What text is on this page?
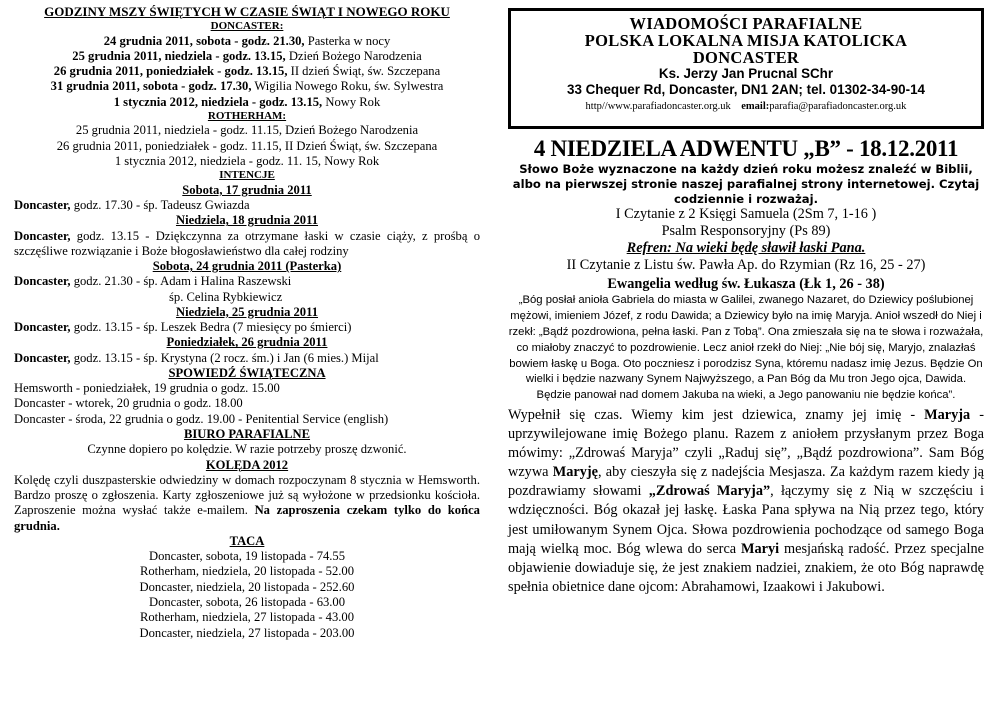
GODZINY MSZY ŚWIĘTYCH W CZASIE ŚWIĄT I NOWEGO ROKU
DONCASTER:
24 grudnia 2011, sobota - godz. 21.30, Pasterka w nocy
25 grudnia 2011, niedziela - godz. 13.15, Dzień Bożego Narodzenia
26 grudnia 2011, poniedziałek - godz. 13.15, II dzień Świąt, św. Szczepana
31 grudnia 2011, sobota - godz. 17.30, Wigilia Nowego Roku, św. Sylwestra
1 stycznia 2012, niedziela - godz. 13.15, Nowy Rok
ROTHERHAM:
25 grudnia 2011, niedziela - godz. 11.15, Dzień Bożego Narodzenia
26 grudnia 2011, poniedziałek - godz. 11.15, II Dzień Świąt, św. Szczepana
1 stycznia 2012, niedziela - godz. 11. 15, Nowy Rok
INTENCJE
Sobota, 17 grudnia 2011
Doncaster, godz. 17.30 - śp. Tadeusz Gwiazda
Niedziela, 18 grudnia 2011
Doncaster, godz. 13.15 - Dziękczynna za otrzymane łaski w czasie ciąży, z prośbą o szczęśliwe rozwiązanie i Boże błogosławieństwo dla całej rodziny
Sobota, 24 grudnia 2011 (Pasterka)
Doncaster, godz. 21.30 - śp. Adam i Halina Raszewski
śp. Celina Rybkiewicz
Niedziela, 25 grudnia 2011
Doncaster, godz. 13.15 - śp. Leszek Bedra (7 miesięcy po śmierci)
Poniedziałek, 26 grudnia 2011
Doncaster, godz. 13.15 - śp. Krystyna (2 rocz. śm.) i Jan (6 mies.) Mijal
SPOWIEDŹ ŚWIĄTECZNA
Hemsworth - poniedziałek, 19 grudnia o godz. 15.00
Doncaster - wtorek, 20 grudnia o godz. 18.00
Doncaster - środa, 22 grudnia o godz. 19.00 - Penitential Service (english)
BIURO PARAFIALNE
Czynne dopiero po kolędzie. W razie potrzeby proszę dzwonić.
KOLĘDA 2012
Kolędę czyli duszpasterskie odwiedziny w domach rozpoczynam 8 stycznia w Hemsworth. Bardzo proszę o zgłoszenia. Karty zgłoszeniowe już są wyłożone w przedsionku kościoła. Zaproszenie można wysłać także e-mailem. Na zaproszenia czekam tylko do końca grudnia.
TACA
Doncaster, sobota, 19 listopada - 74.55
Rotherham, niedziela, 20 listopada - 52.00
Doncaster, niedziela, 20 listopada - 252.60
Doncaster, sobota, 26 listopada - 63.00
Rotherham, niedziela, 27 listopada - 43.00
Doncaster, niedziela, 27 listopada - 203.00
WIADOMOŚCI PARAFIALNE
POLSKA LOKALNA MISJA KATOLICKA
DONCASTER
Ks. Jerzy Jan Prucnal SChr
33 Chequer Rd, Doncaster, DN1 2AN; tel. 01302-34-90-14
http//www.parafiadoncaster.org.uk email:parafia@parafiadoncaster.org.uk
4 NIEDZIELA ADWENTU „B” - 18.12.2011
Słowo Boże wyznaczone na każdy dzień roku możesz znaleźć w Biblii, albo na pierwszej stronie naszej parafialnej strony internetowej. Czytaj codziennie i rozważaj.
I Czytanie z 2 Księgi Samuela (2Sm 7, 1-16 )
Psalm Responsoryjny (Ps 89)
Refren: Na wieki będę sławił łaski Pana.
II Czytanie z Listu św. Pawła Ap. do Rzymian (Rz 16, 25 - 27)
Ewangelia według św. Łukasza (Łk 1, 26 - 38)
„Bóg posłał anioła Gabriela do miasta w Galilei, zwanego Nazaret, do Dziewicy poślubionej mężowi, imieniem Józef, z rodu Dawida; a Dziewicy było na imię Maryja. Anioł wszedł do Niej i rzekł: „Bądź pozdrowiona, pełna łaski. Pan z Tobą”. Ona zmieszała się na te słowa i rozważała, co miałoby znaczyć to pozdrowienie. Lecz anioł rzekł do Niej: „Nie bój się, Maryjo, znalazłaś bowiem łaskę u Boga. Oto poczniesz i porodzisz Syna, któremu nadasz imię Jezus. Będzie On wielki i będzie nazwany Synem Najwyższego, a Pan Bóg da Mu tron Jego ojca, Dawida. Będzie panował nad domem Jakuba na wieki, a Jego panowaniu nie będzie końca”.
Wypełnił się czas. Wiemy kim jest dziewica, znamy jej imię - Maryja - uprzywilejowane imię Bożego planu. Razem z aniołem przysłanym przez Boga mówimy: „Zdrowaś Maryja” czyli „Raduj się”, „Bądź pozdrowiona”. Sam Bóg wzywa Maryję, aby cieszyła się z nadejścia Mesjasza. Za każdym razem kiedy ją pozdrawiamy słowami „Zdrowaś Maryja”, łączymy się z Nią w szczęściu i wdzięczności. Bóg okazał jej łaskę. Łaska Pana spływa na Nią przez tego, który jest umiłowanym Synem Ojca. Słowa pozdrowienia pochodzące od samego Boga mają wielką moc. Bóg wlewa do serca Maryi mesjańską radość. Przez specjalne objawienie dowiaduje się, że jest znakiem nadziei, znakiem, że oto Bóg naprawdę spełnia obietnice dane ojcom: Abrahamowi, Izaakowi i Jakubowi.
